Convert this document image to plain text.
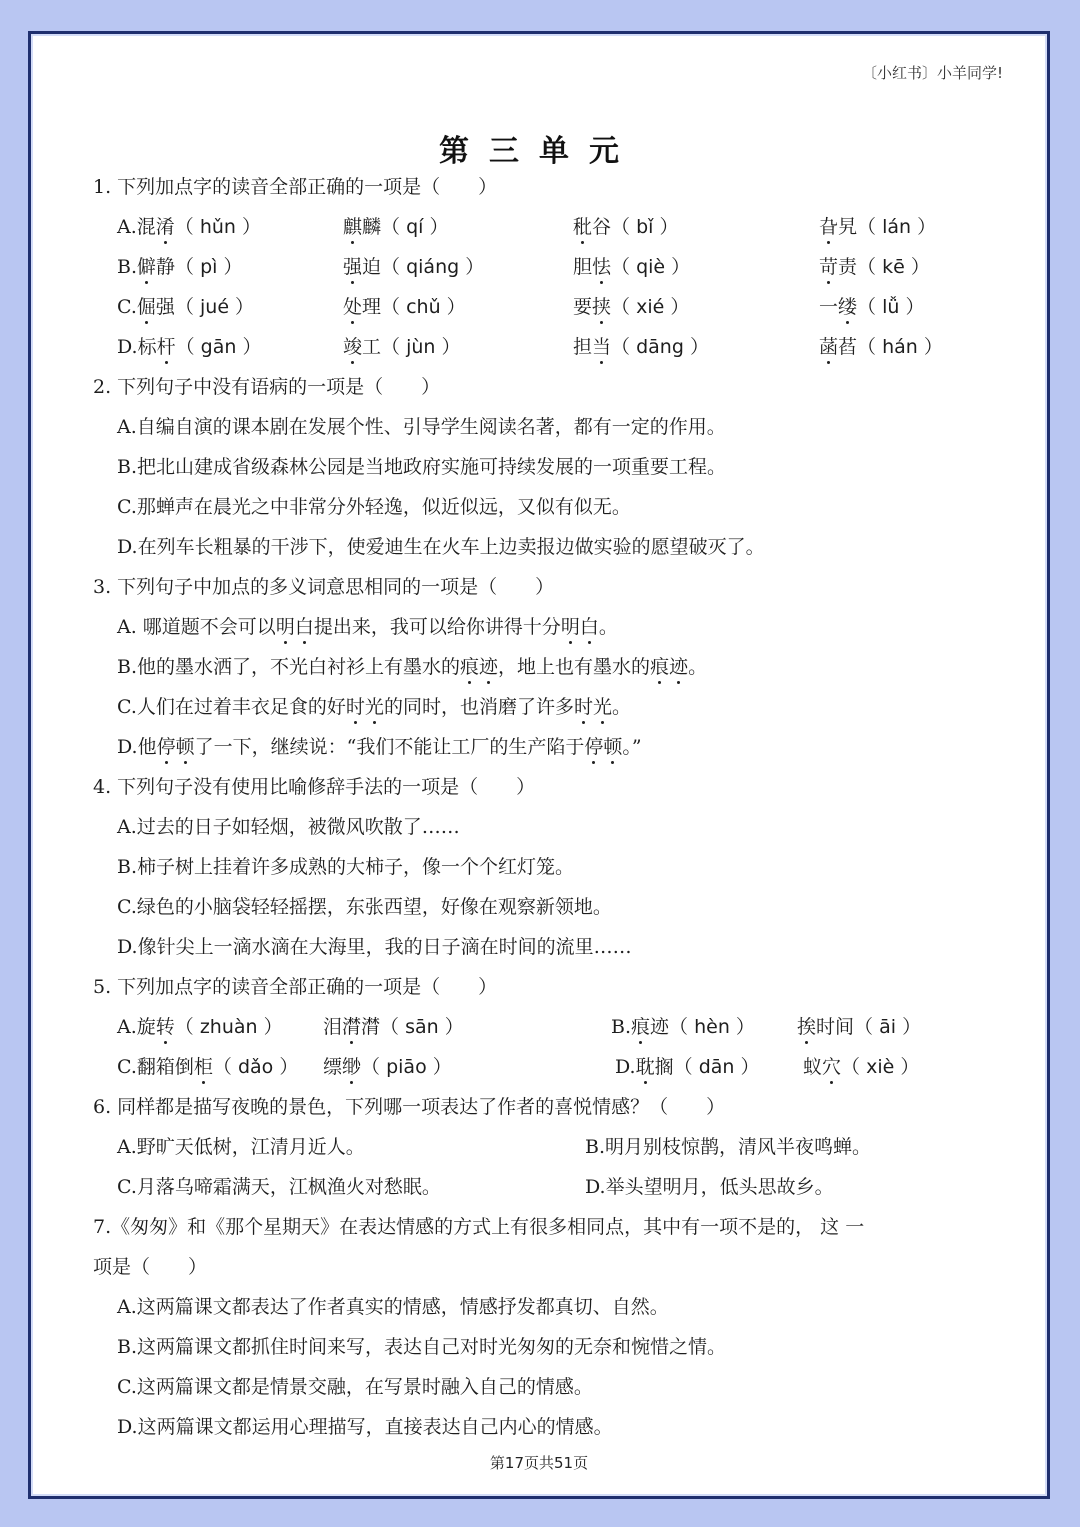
〔小红书〕小羊同学!
第三单元
1. 下列加点字的读音全部正确的一项是（　　）
A.混淆（ hǔn ）	麒麟（ qí ）	秕谷（ bǐ ）	旮旯（ lán ）
B.僻静（ pì ）	强迫（ qiáng ）	胆怯（ qiè ）	苛责（ kē ）
C.倔强（ jué ）	处理（ chǔ ）	要挟（ xié ）	一缕（ lǚ ）
D.标杆（ gān ）	竣工（ jùn ）	担当（ dāng ）	菡萏（ hán ）
2. 下列句子中没有语病的一项是（　　）
A.自编自演的课本剧在发展个性、引导学生阅读名著，都有一定的作用。
B.把北山建成省级森林公园是当地政府实施可持续发展的一项重要工程。
C.那蝉声在晨光之中非常分外轻逸，似近似远，又似有似无。
D.在列车长粗暴的干涉下，使爱迪生在火车上边卖报边做实验的愿望破灭了。
3. 下列句子中加点的多义词意思相同的一项是（　　）
A. 哪道题不会可以明白提出来，我可以给你讲得十分明白。
B.他的墨水洒了，不光白衬衫上有墨水的痕迹，地上也有墨水的痕迹。
C.人们在过着丰衣足食的好时光的同时，也消磨了许多时光。
D.他停顿了一下，继续说：“我们不能让工厂的生产陷于停顿。”
4. 下列句子没有使用比喻修辞手法的一项是（　　）
A.过去的日子如轻烟，被微风吹散了……
B.柿子树上挂着许多成熟的大柿子，像一个个红灯笼。
C.绿色的小脑袋轻轻摇摆，东张西望，好像在观察新领地。
D.像针尖上一滴水滴在大海里，我的日子滴在时间的流里……
5. 下列加点字的读音全部正确的一项是（　　）
A.旋转（ zhuàn ） 泪潸潸（ sān ）	B.痕迹（ hèn ） 挨时间（ āi ）
C.翻箱倒柜（ dǎo ） 缥缈（ piāo ）	D.耽搁（ dān ） 蚁穴（ xiè ）
6. 同样都是描写夜晚的景色，下列哪一项表达了作者的喜悦情感？（　　）
A.野旷天低树，江清月近人。	B.明月别枝惊鹊，清风半夜鸣蝉。
C.月落乌啼霜满天，江枫渔火对愁眠。	D.举头望明月，低头思故乡。
7.《匆匆》和《那个星期天》在表达情感的方式上有很多相同点，其中有一项不是的， 这 一
项是（　　）
A.这两篇课文都表达了作者真实的情感，情感抒发都真切、自然。
B.这两篇课文都抓住时间来写，表达自己对时光匆匆的无奈和惋惜之情。
C.这两篇课文都是情景交融，在写景时融入自己的情感。
D.这两篇课文都运用心理描写，直接表达自己内心的情感。
第17页共51页
